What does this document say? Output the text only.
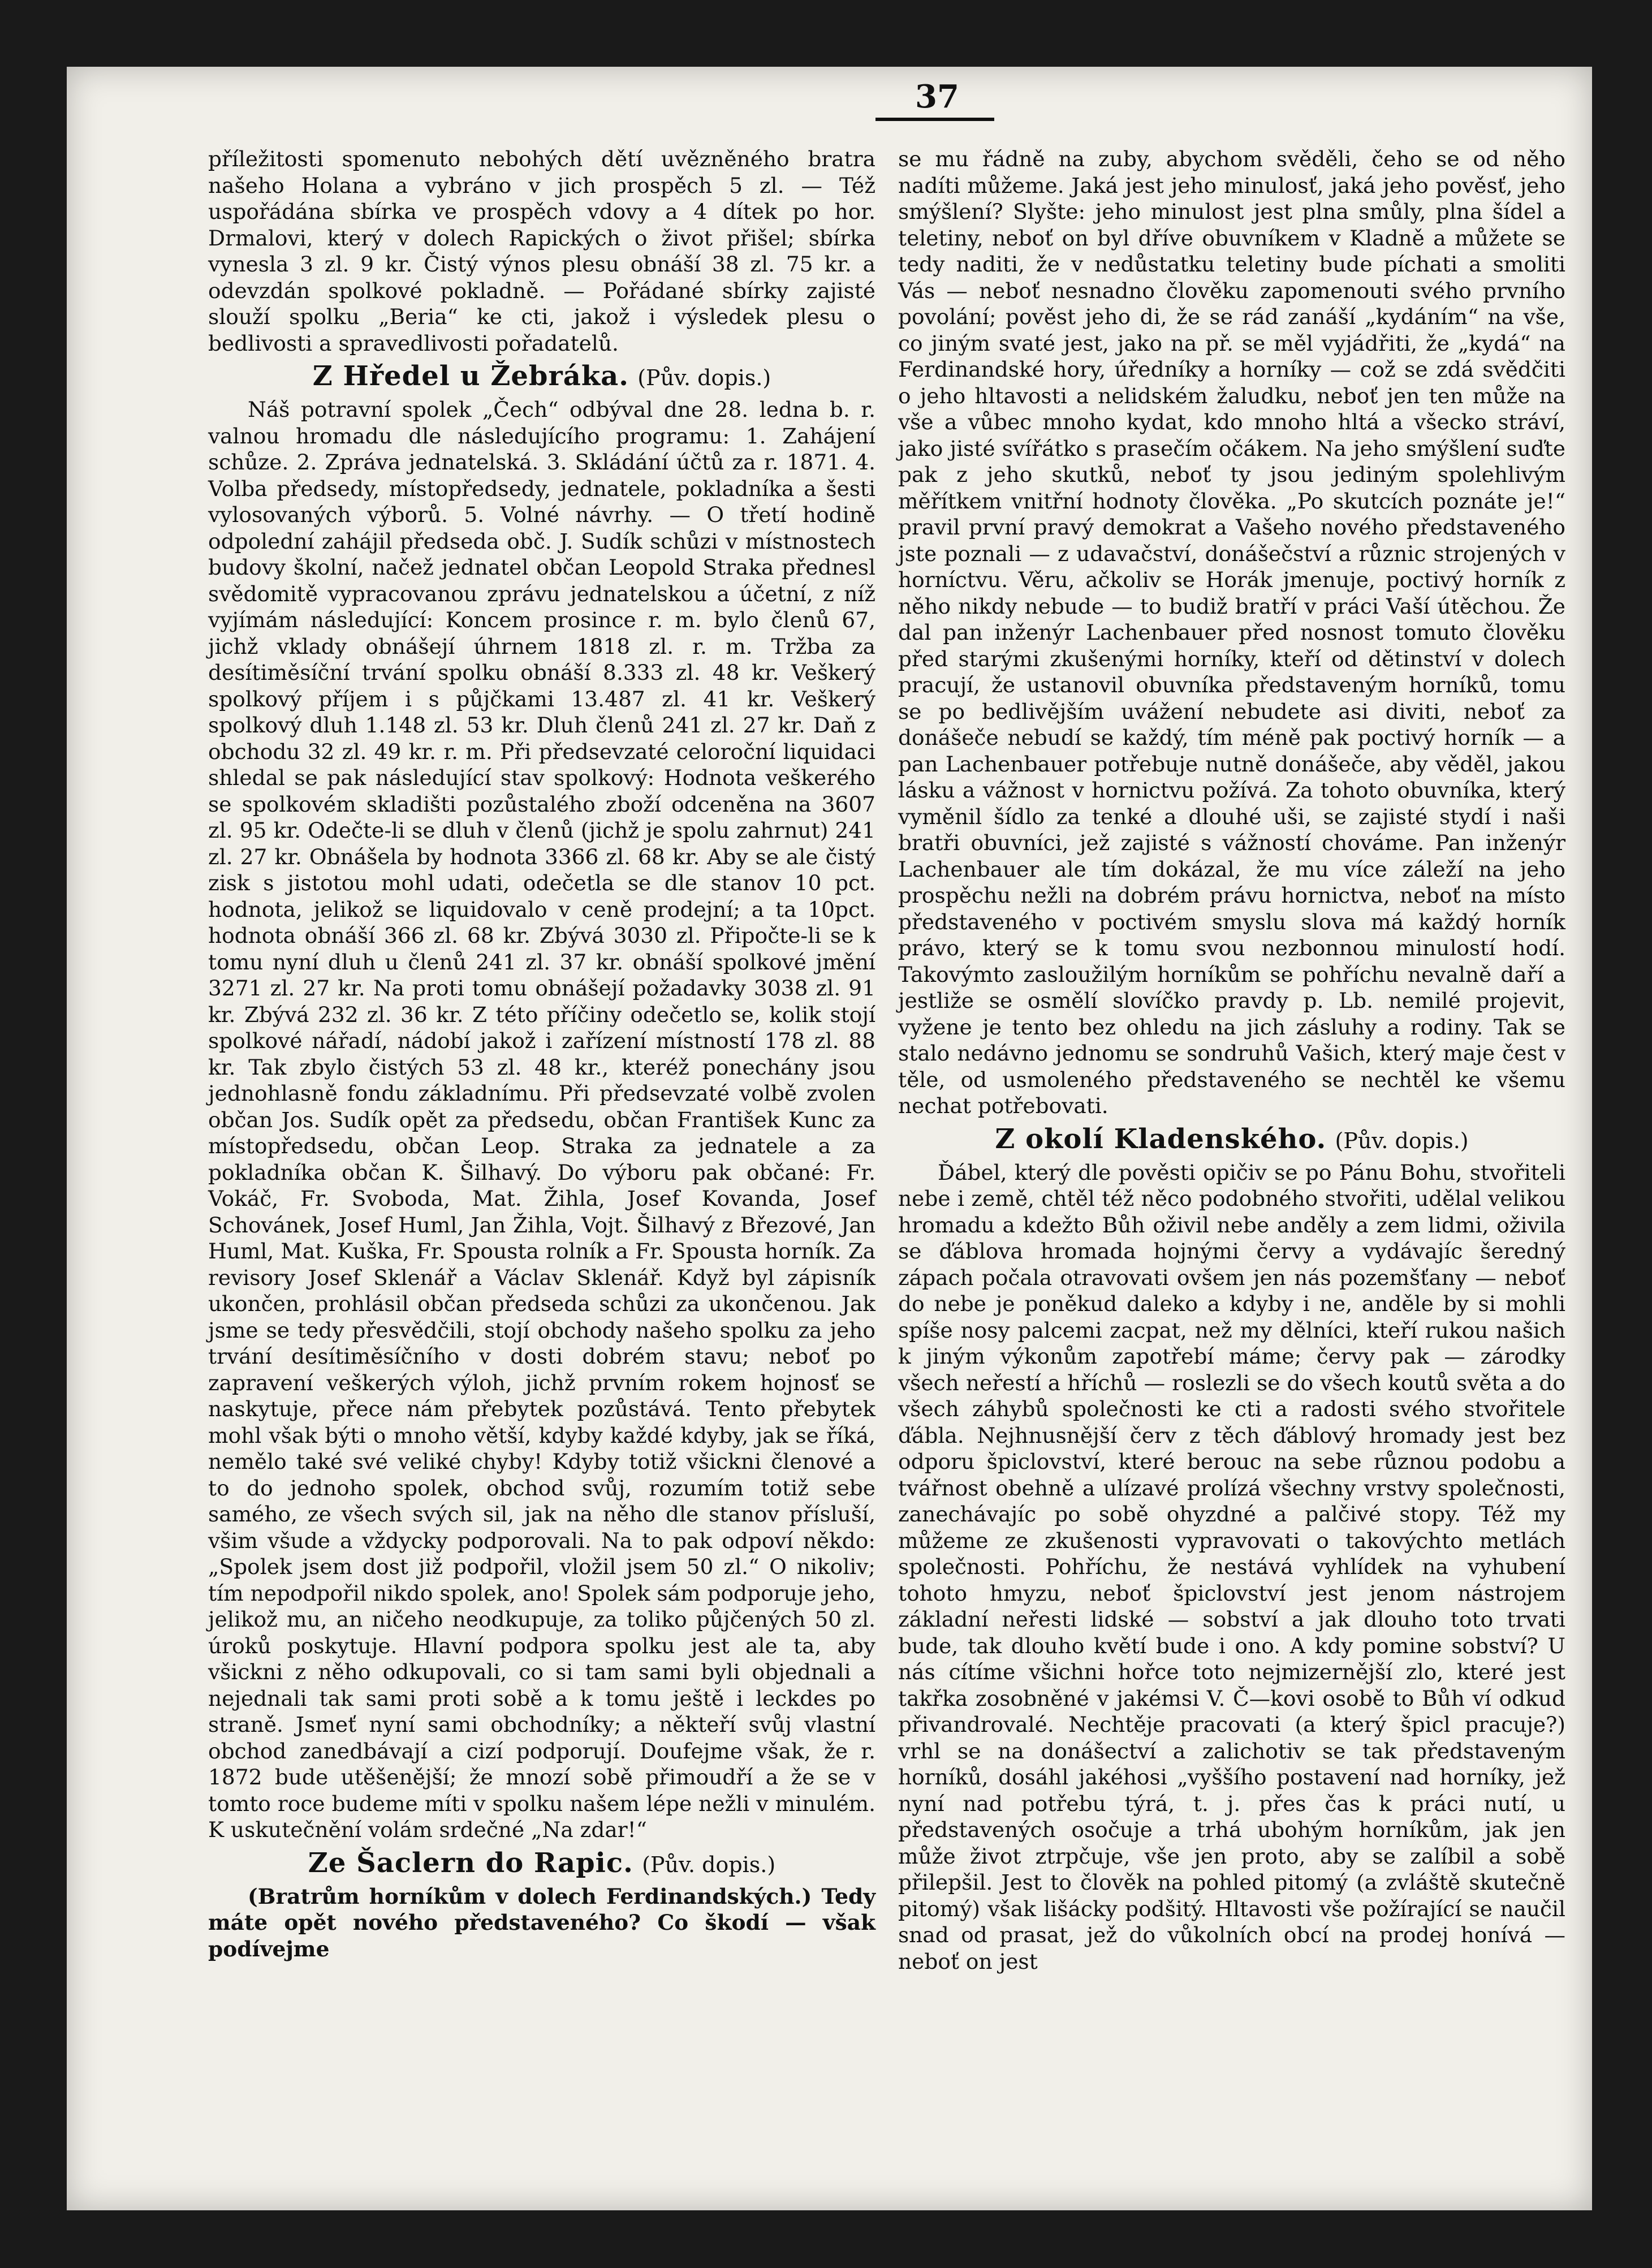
37

příležitosti spomenuto nebohých dětí uvězněného bratra našeho Holana a vybráno v jich prospěch 5 zl. — Též uspořádána sbírka ve prospěch vdovy a 4 dítek po hor. Drmalovi, který v dolech Rapických o život přišel; sbírka vynesla 3 zl. 9 kr. Čistý výnos plesu obnáší 38 zl. 75 kr. a odevzdán spolkové pokladně. — Pořádané sbírky zajisté slouží spolku „Beria“ ke cti, jakož i výsledek plesu o bedlivosti a spravedlivosti pořadatelů.

Z Hředel u Žebráka. (Pův. dopis.)

Náš potravní spolek „Čech“ odbýval dne 28. ledna b. r. valnou hromadu dle následujícího programu: 1. Zahájení schůze. 2. Zpráva jednatelská. 3. Skládání účtů za r. 1871. 4. Volba předsedy, místopředsedy, jednatele, pokladníka a šesti vylosovaných výborů. 5. Volné návrhy. — O třetí hodině odpolední zahájil předseda obč. J. Sudík schůzi v místnostech budovy školní, načež jednatel občan Leopold Straka přednesl svědomitě vypracovanou zprávu jednatelskou a účetní, z níž vyjímám následující: Koncem prosince r. m. bylo členů 67, jichž vklady obnášejí úhrnem 1818 zl. r. m. Tržba za desítiměsíční trvání spolku obnáší 8.333 zl. 48 kr. Veškerý spolkový příjem i s půjčkami 13.487 zl. 41 kr. Veškerý spolkový dluh 1.148 zl. 53 kr. Dluh členů 241 zl. 27 kr. Daň z obchodu 32 zl. 49 kr. r. m. Při předsevzaté celoroční liquidaci shledal se pak následující stav spolkový: Hodnota veškerého se spolkovém skladišti pozůstalého zboží odceněna na 3607 zl. 95 kr. Odečte-li se dluh v členů (jichž je spolu zahrnut) 241 zl. 27 kr. Obnášela by hodnota 3366 zl. 68 kr. Aby se ale čistý zisk s jistotou mohl udati, odečetla se dle stanov 10 pct. hodnota, jelikož se liquidovalo v ceně prodejní; a ta 10pct. hodnota obnáší 366 zl. 68 kr. Zbývá 3030 zl. Připočte-li se k tomu nyní dluh u členů 241 zl. 37 kr. obnáší spolkové jmění 3271 zl. 27 kr. Na proti tomu obnášejí požadavky 3038 zl. 91 kr. Zbývá 232 zl. 36 kr. Z této příčiny odečetlo se, kolik stojí spolkové nářadí, nádobí jakož i zařízení místností 178 zl. 88 kr. Tak zbylo čistých 53 zl. 48 kr., kteréž ponechány jsou jednohlasně fondu základnímu. Při předsevzaté volbě zvolen občan Jos. Sudík opět za předsedu, občan František Kunc za místopředsedu, občan Leop. Straka za jednatele a za pokladníka občan K. Šilhavý. Do výboru pak občané: Fr. Vokáč, Fr. Svoboda, Mat. Žihla, Josef Kovanda, Josef Schovánek, Josef Huml, Jan Žihla, Vojt. Šilhavý z Březové, Jan Huml, Mat. Kuška, Fr. Spousta rolník a Fr. Spousta horník. Za revisory Josef Sklenář a Václav Sklenář. Když byl zápisník ukončen, prohlásil občan předseda schůzi za ukončenou. Jak jsme se tedy přesvědčili, stojí obchody našeho spolku za jeho trvání desítiměsíčního v dosti dobrém stavu; neboť po zapravení veškerých výloh, jichž prvním rokem hojnosť se naskytuje, přece nám přebytek pozůstává. Tento přebytek mohl však býti o mnoho větší, kdyby každé kdyby, jak se říká, nemělo také své veliké chyby! Kdyby totiž všickni členové a to do jednoho spolek, obchod svůj, rozumím totiž sebe samého, ze všech svých sil, jak na něho dle stanov přísluší, všim všude a vždycky podporovali. Na to pak odpoví někdo: „Spolek jsem dost již podpořil, vložil jsem 50 zl.“ O nikoliv; tím nepodpořil nikdo spolek, ano! Spolek sám podporuje jeho, jelikož mu, an ničeho neodkupuje, za toliko půjčených 50 zl. úroků poskytuje. Hlavní podpora spolku jest ale ta, aby všickni z něho odkupovali, co si tam sami byli objednali a nejednali tak sami proti sobě a k tomu ještě i leckdes po straně. Jsmeť nyní sami obchodníky; a někteří svůj vlastní obchod zanedbávají a cizí podporují. Doufejme však, že r. 1872 bude utěšenější; že mnozí sobě přimoudří a že se v tomto roce budeme míti v spolku našem lépe nežli v minulém. K uskutečnění volám srdečné „Na zdar!“

Ze Šaclern do Rapic. (Pův. dopis.)

(Bratrům horníkům v dolech Ferdinandských.) Tedy máte opět nového představeného? Co škodí — však podívejme

se mu řádně na zuby, abychom svěděli, čeho se od něho nadíti můžeme. Jaká jest jeho minulosť, jaká jeho pověsť, jeho smýšlení? Slyšte: jeho minulost jest plna smůly, plna šídel a teletiny, neboť on byl dříve obuvníkem v Kladně a můžete se tedy naditi, že v nedůstatku teletiny bude píchati a smoliti Vás — neboť nesnadno člověku zapomenouti svého prvního povolání; pověst jeho di, že se rád zanáší „kydáním“ na vše, co jiným svaté jest, jako na př. se měl vyjádřiti, že „kydá“ na Ferdinandské hory, úředníky a horníky — což se zdá svědčiti o jeho hltavosti a nelidském žaludku, neboť jen ten může na vše a vůbec mnoho kydat, kdo mnoho hltá a všecko stráví, jako jisté svířátko s prasečím očákem. Na jeho smýšlení suďte pak z jeho skutků, neboť ty jsou jediným spolehlivým měřítkem vnitřní hodnoty člověka. „Po skutcích poznáte je!“ pravil první pravý demokrat a Vašeho nového představeného jste poznali — z udavačství, donášečství a různic strojených v horníctvu. Věru, ačkoliv se Horák jmenuje, poctivý horník z něho nikdy nebude — to budiž bratří v práci Vaší útěchou. Že dal pan inženýr Lachenbauer před nosnost tomuto člověku před starými zkušenými horníky, kteří od dětinství v dolech pracují, že ustanovil obuvníka představeným horníků, tomu se po bedlivějším uvážení nebudete asi diviti, neboť za donášeče nebudí se každý, tím méně pak poctivý horník — a pan Lachenbauer potřebuje nutně donášeče, aby věděl, jakou lásku a vážnost v hornictvu požívá. Za tohoto obuvníka, který vyměnil šídlo za tenké a dlouhé uši, se zajisté stydí i naši bratři obuvníci, jež zajisté s vážností chováme. Pan inženýr Lachenbauer ale tím dokázal, že mu více záleží na jeho prospěchu nežli na dobrém právu hornictva, neboť na místo představeného v poctivém smyslu slova má každý horník právo, který se k tomu svou nezbonnou minulostí hodí. Takovýmto zasloužilým horníkům se pohříchu nevalně daří a jestliže se osmělí slovíčko pravdy p. Lb. nemilé projevit, vyžene je tento bez ohledu na jich zásluhy a rodiny. Tak se stalo nedávno jednomu se sondruhů Vašich, který maje čest v těle, od usmoleného představeného se nechtěl ke všemu nechat potřebovati.

Z okolí Kladenského. (Pův. dopis.)

Ďábel, který dle pověsti opičiv se po Pánu Bohu, stvořiteli nebe i země, chtěl též něco podobného stvořiti, udělal velikou hromadu a kdežto Bůh oživil nebe anděly a zem lidmi, oživila se ďáblova hromada hojnými červy a vydávajíc šeredný zápach počala otravovati ovšem jen nás pozemšťany — neboť do nebe je poněkud daleko a kdyby i ne, anděle by si mohli spíše nosy palcemi zacpat, než my dělníci, kteří rukou našich k jiným výkonům zapotřebí máme; červy pak — zárodky všech neřestí a hříchů — roslezli se do všech koutů světa a do všech záhybů společnosti ke cti a radosti svého stvořitele ďábla. Nejhnusnější červ z těch ďáblový hromady jest bez odporu špiclovství, které berouc na sebe různou podobu a tvářnost obehně a ulízavé prolízá všechny vrstvy společnosti, zanechávajíc po sobě ohyzdné a palčivé stopy. Též my můžeme ze zkušenosti vypravovati o takovýchto metlách společnosti. Pohříchu, že nestává vyhlídek na vyhubení tohoto hmyzu, neboť špiclovství jest jenom nástrojem základní neřesti lidské — sobství a jak dlouho toto trvati bude, tak dlouho květí bude i ono. A kdy pomine sobství? U nás cítíme všichni hořce toto nejmizernější zlo, které jest takřka zosobněné v jakémsi V. Č—kovi osobě to Bůh ví odkud přivandrovalé. Nechtěje pracovati (a který špicl pracuje?) vrhl se na donášectví a zalichotiv se tak představeným horníků, dosáhl jakéhosi „vyššího postavení nad horníky, jež nyní nad potřebu týrá, t. j. přes čas k práci nutí, u představených osočuje a trhá ubohým horníkům, jak jen může život ztrpčuje, vše jen proto, aby se zalíbil a sobě přilepšil. Jest to člověk na pohled pitomý (a zvláště skutečně pitomý) však lišácky podšitý. Hltavosti vše požírající se naučil snad od prasat, jež do vůkolních obcí na prodej honívá — neboť on jest
